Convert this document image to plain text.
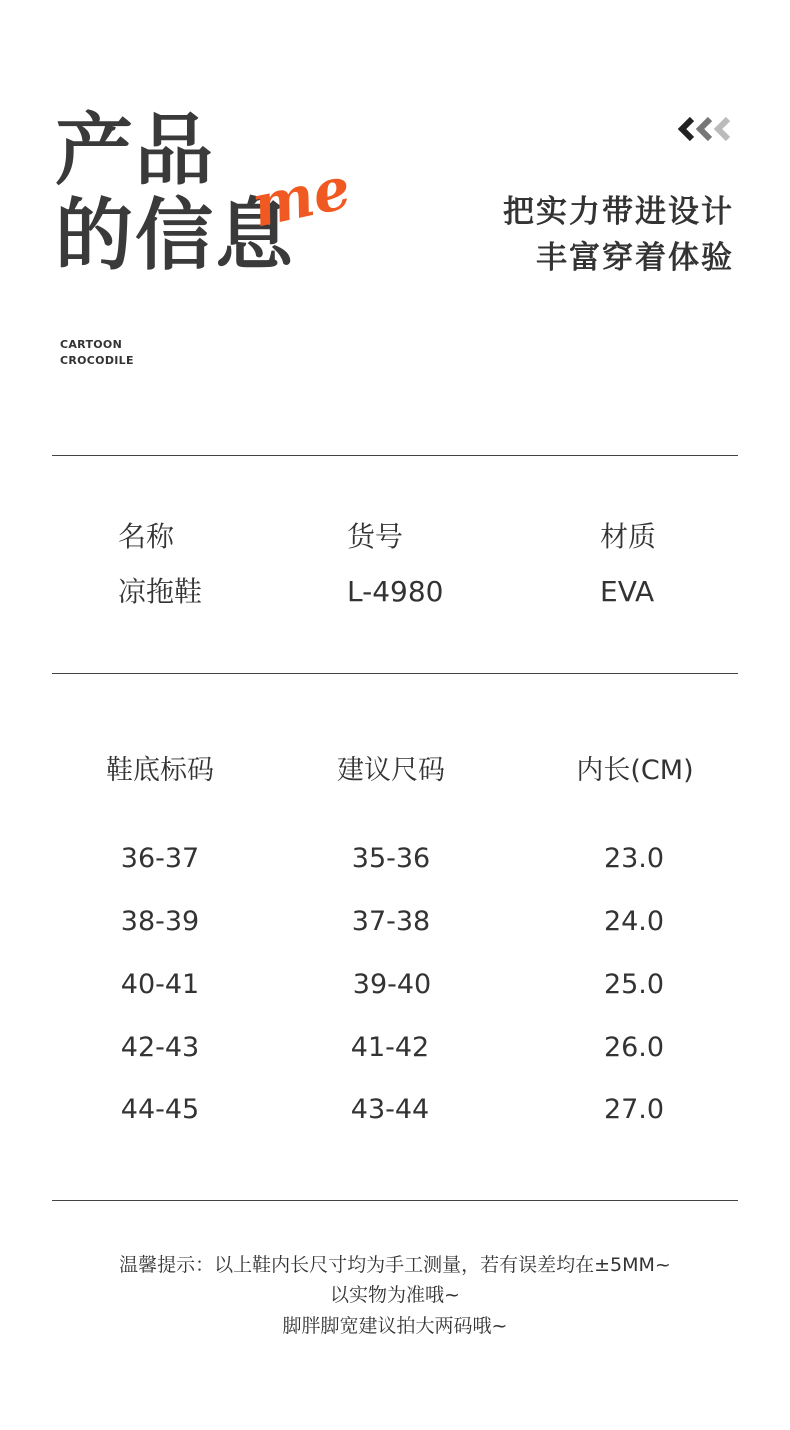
产品
的信息
me	把实力带进设计
丰富穿着体验
CARTOON
CROCODILE
名称	货号	材质
凉拖鞋	L-4980	EVA
鞋底标码	建议尺码	内长(CM)
36-37	35-36	23.0
38-39	37-38	24.0
40-41	39-40	25.0
42-43	41-42	26.0
44-45	43-44	27.0
温馨提示：以上鞋内长尺寸均为手工测量，若有误差均在±5MM~
以实物为准哦~
脚胖脚宽建议拍大两码哦~
